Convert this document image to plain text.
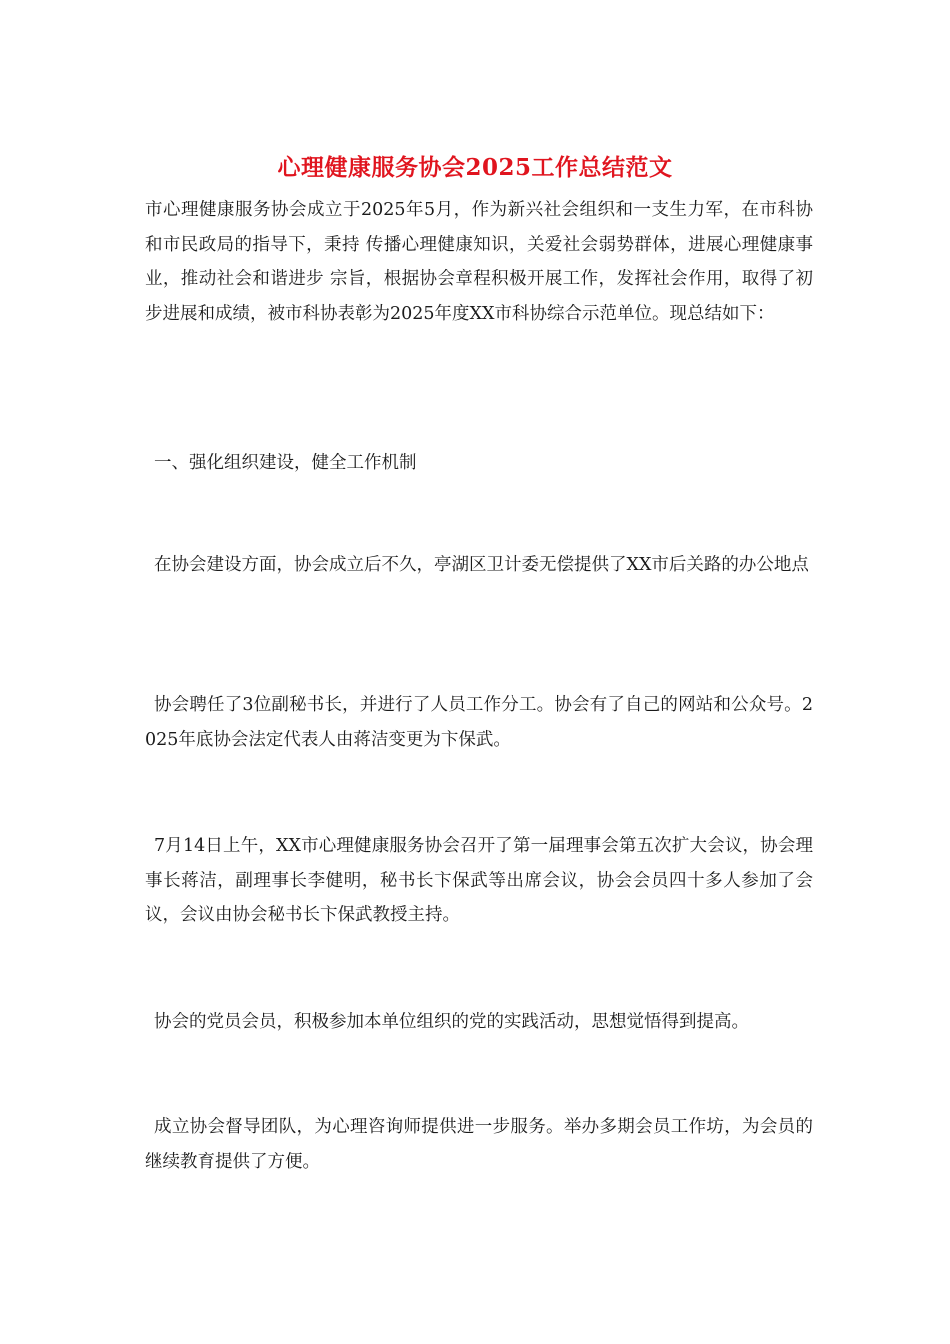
心理健康服务协会2025工作总结范文

市心理健康服务协会成立于2025年5月，作为新兴社会组织和一支生力军，在市科协和市民政局的指导下，秉持 传播心理健康知识，关爱社会弱势群体，进展心理健康事业，推动社会和谐进步 宗旨，根据协会章程积极开展工作，发挥社会作用，取得了初步进展和成绩，被市科协表彰为2025年度XX市科协综合示范单位。现总结如下：

一、强化组织建设，健全工作机制

在协会建设方面，协会成立后不久，亭湖区卫计委无偿提供了XX市后关路的办公地点

协会聘任了3位副秘书长，并进行了人员工作分工。协会有了自己的网站和公众号。2025年底协会法定代表人由蒋洁变更为卞保武。

7月14日上午，XX市心理健康服务协会召开了第一届理事会第五次扩大会议，协会理事长蒋洁，副理事长李健明，秘书长卞保武等出席会议，协会会员四十多人参加了会议，会议由协会秘书长卞保武教授主持。

协会的党员会员，积极参加本单位组织的党的实践活动，思想觉悟得到提高。

成立协会督导团队，为心理咨询师提供进一步服务。举办多期会员工作坊，为会员的继续教育提供了方便。
